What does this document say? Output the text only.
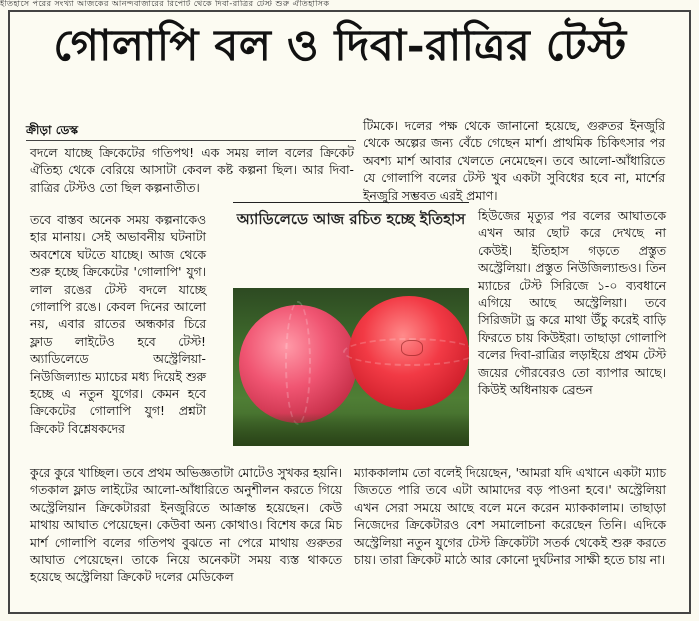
ইতিহাসে পরের সংখ্যা আজকের আনন্দবাজারের রিপোর্ট থেকে দিবা-রাত্রির টেস্ট শুরু ঐতিহাসিক
গোলাপি বল ও দিবা-রাত্রির টেস্ট
ক্রীড়া ডেস্ক

বদলে যাচ্ছে ক্রিকেটের গতিপথ! এক সময় লাল বলের ক্রিকেট ঐতিহ্য থেকে বেরিয়ে আসাটা কেবল কষ্ট কল্পনা ছিল। আর দিবা-রাত্রির টেস্টও তো ছিল কল্পনাতীত।

তবে বাস্তব অনেক সময় কল্পনাকেও হার মানায়। সেই অভাবনীয় ঘটনাটা অবশেষে ঘটতে যাচ্ছে। আজ থেকে শুরু হচ্ছে ক্রিকেটের 'গোলাপি' যুগ। লাল রঙের টেস্ট বদলে যাচ্ছে গোলাপি রঙে। কেবল দিনের আলো নয়, এবার রাতের অন্ধকার চিরে ফ্লাড লাইটেও হবে টেস্ট! অ্যাডিলেডে অস্ট্রেলিয়া-নিউজিল্যান্ড ম্যাচের মধ্য দিয়েই শুরু হচ্ছে এ নতুন যুগের। কেমন হবে ক্রিকেটের গোলাপি যুগ! প্রশ্নটা ক্রিকেট বিশ্লেষকদের

টিমকে। দলের পক্ষ থেকে জানানো হয়েছে, গুরুতর ইনজুরি থেকে অল্পের জন্য বেঁচে গেছেন মার্শ। প্রাথমিক চিকিৎসার পর অবশ্য মার্শ আবার খেলতে নেমেছেন। তবে আলো-আঁধারিতে যে গোলাপি বলের টেস্ট খুব একটা সুবিধের হবে না, মার্শের ইনজুরি সম্ভবত এরই প্রমাণ।

অ্যাডিলেডে আজ রচিত হচ্ছে ইতিহাস	হিউজের মৃত্যুর পর বলের আঘাতকে এখন আর ছোট করে দেখছে না কেউই। ইতিহাস গড়তে প্রস্তুত অস্ট্রেলিয়া। প্রস্তুত নিউজিল্যান্ডও। তিন ম্যাচের টেস্ট সিরিজে ১-০ ব্যবধানে এগিয়ে আছে অস্ট্রেলিয়া। তবে সিরিজটা ড্র করে মাথা উঁচু করেই বাড়ি ফিরতে চায় কিউইরা। তাছাড়া গোলাপি বলের দিবা-রাত্রির লড়াইয়ে প্রথম টেস্ট জয়ের গৌরবেরও তো ব্যাপার আছে। কিউই অধিনায়ক ব্রেন্ডন

কুরে কুরে খাচ্ছিল। তবে প্রথম অভিজ্ঞতাটা মোটেও সুখকর হয়নি। গতকাল ফ্লাড লাইটের আলো-আঁধারিতে অনুশীলন করতে গিয়ে অস্ট্রেলিয়ান ক্রিকেটাররা ইনজুরিতে আক্রান্ত হয়েছেন। কেউ মাথায় আঘাত পেয়েছেন। কেউবা অন্য কোথাও। বিশেষ করে মিচ মার্শ গোলাপি বলের গতিপথ বুঝতে না পেরে মাথায় গুরুতর আঘাত পেয়েছেন। তাকে নিয়ে অনেকটা সময় ব্যস্ত থাকতে হয়েছে অস্ট্রেলিয়া ক্রিকেট দলের মেডিকেল

ম্যাককালাম তো বলেই দিয়েছেন, 'আমরা যদি এখানে একটা ম্যাচ জিততে পারি তবে এটা আমাদের বড় পাওনা হবে।' অস্ট্রেলিয়া এখন সেরা সময়ে আছে বলে মনে করেন ম্যাককালাম। তাছাড়া নিজেদের ক্রিকেটারও বেশ সমালোচনা করেছেন তিনি। এদিকে অস্ট্রেলিয়া নতুন যুগের টেস্ট ক্রিকেটটা সতর্ক থেকেই শুরু করতে চায়। তারা ক্রিকেট মাঠে আর কোনো দুর্ঘটনার সাক্ষী হতে চায় না।
